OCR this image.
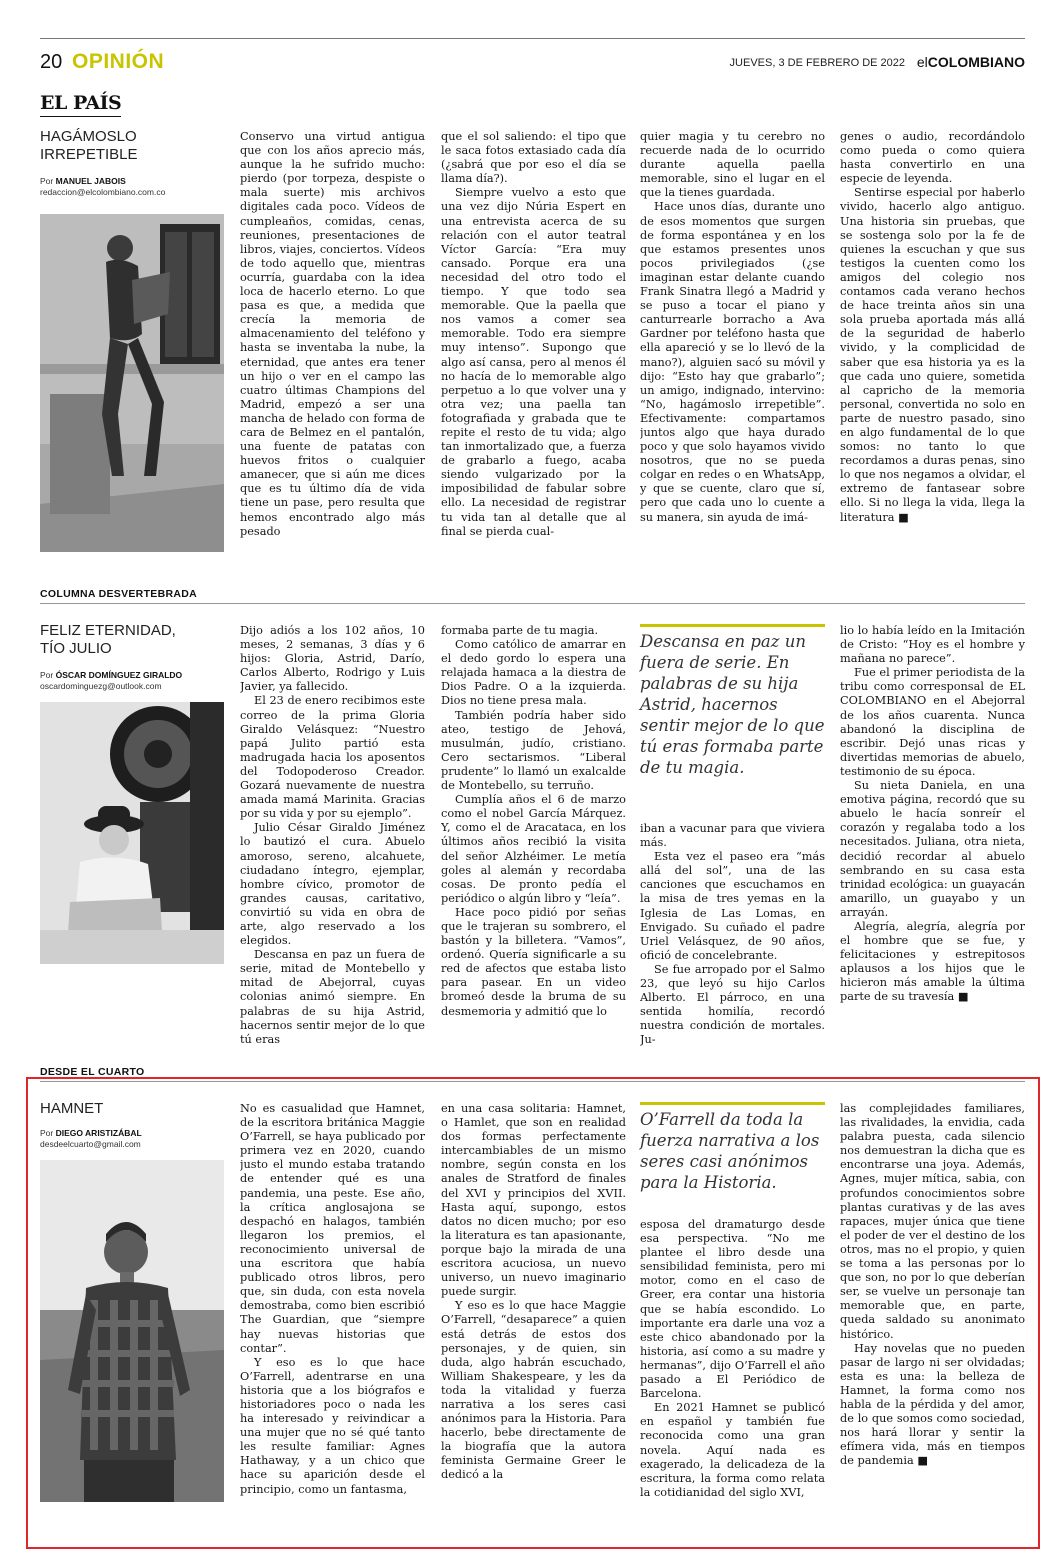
20 OPINIÓN	JUEVES, 3 DE FEBRERO DE 2022 elCOLOMBIANO
EL PAÍS
HAGÁMOSLO
IRREPETIBLE
Por MANUEL JABOIS
redaccion@elcolombiano.com.co

Conservo una virtud antigua que con los años aprecio más, aunque la he sufrido mucho: pierdo (por torpeza, despiste o mala suerte) mis archivos digitales cada poco. Vídeos de cumpleaños, comidas, cenas, reuniones, presentaciones de libros, viajes, conciertos. Vídeos de todo aquello que, mientras ocurría, guardaba con la idea loca de hacerlo eterno. Lo que pasa es que, a medida que crecía la memoria de almacenamiento del teléfono y hasta se inventaba la nube, la eternidad, que antes era tener un hijo o ver en el campo las cuatro últimas Champions del Madrid, empezó a ser una mancha de helado con forma de cara de Belmez en el pantalón, una fuente de patatas con huevos fritos o cualquier amanecer, que si aún me dices que es tu último día de vida tiene un pase, pero resulta que hemos encontrado algo más pesado

que el sol saliendo: el tipo que le saca fotos extasiado cada día (¿sabrá que por eso el día se llama día?).

Siempre vuelvo a esto que una vez dijo Núria Espert en una entrevista acerca de su relación con el autor teatral Víctor García: “Era muy cansado. Porque era una necesidad del otro todo el tiempo. Y que todo sea memorable. Que la paella que nos vamos a comer sea memorable. Todo era siempre muy intenso”. Supongo que algo así cansa, pero al menos él no hacía de lo memorable algo perpetuo a lo que volver una y otra vez; una paella tan fotografiada y grabada que te repite el resto de tu vida; algo tan inmortalizado que, a fuerza de grabarlo a fuego, acaba siendo vulgarizado por la imposibilidad de fabular sobre ello. La necesidad de registrar tu vida tan al detalle que al final se pierda cual-

quier magia y tu cerebro no recuerde nada de lo ocurrido durante aquella paella memorable, sino el lugar en el que la tienes guardada.

Hace unos días, durante uno de esos momentos que surgen de forma espontánea y en los que estamos presentes unos pocos privilegiados (¿se imaginan estar delante cuando Frank Sinatra llegó a Madrid y se puso a tocar el piano y canturrearle borracho a Ava Gardner por teléfono hasta que ella apareció y se lo llevó de la mano?), alguien sacó su móvil y dijo: “Esto hay que grabarlo”; un amigo, indignado, intervino: “No, hagámoslo irrepetible”. Efectivamente: compartamos juntos algo que haya durado poco y que solo hayamos vivido nosotros, que no se pueda colgar en redes o en WhatsApp, y que se cuente, claro que sí, pero que cada uno lo cuente a su manera, sin ayuda de imá-

genes o audio, recordándolo como pueda o como quiera hasta convertirlo en una especie de leyenda.

Sentirse especial por haberlo vivido, hacerlo algo antiguo. Una historia sin pruebas, que se sostenga solo por la fe de quienes la escuchan y que sus testigos la cuenten como los amigos del colegio nos contamos cada verano hechos de hace treinta años sin una sola prueba aportada más allá de la seguridad de haberlo vivido, y la complicidad de saber que esa historia ya es la que cada uno quiere, sometida al capricho de la memoria personal, convertida no solo en parte de nuestro pasado, sino en algo fundamental de lo que somos: no tanto lo que recordamos a duras penas, sino lo que nos negamos a olvidar, el extremo de fantasear sobre ello. Si no llega la vida, llega la literatura ■

COLUMNA DESVERTEBRADA
FELIZ ETERNIDAD,
TÍO JULIO
Por ÓSCAR DOMÍNGUEZ GIRALDO
oscardominguezg@outlook.com

Dijo adiós a los 102 años, 10 meses, 2 semanas, 3 días y 6 hijos: Gloria, Astrid, Darío, Carlos Alberto, Rodrigo y Luis Javier, ya fallecido.

El 23 de enero recibimos este correo de la prima Gloria Giraldo Velásquez: “Nuestro papá Julito partió esta madrugada hacia los aposentos del Todopoderoso Creador. Gozará nuevamente de nuestra amada mamá Marinita. Gracias por su vida y por su ejemplo”.

Julio César Giraldo Jiménez lo bautizó el cura. Abuelo amoroso, sereno, alcahuete, ciudadano íntegro, ejemplar, hombre cívico, promotor de grandes causas, caritativo, convirtió su vida en obra de arte, algo reservado a los elegidos.

Descansa en paz un fuera de serie, mitad de Montebello y mitad de Abejorral, cuyas colonias animó siempre. En palabras de su hija Astrid, hacernos sentir mejor de lo que tú eras

formaba parte de tu magia.

Como católico de amarrar en el dedo gordo lo espera una relajada hamaca a la diestra de Dios Padre. O a la izquierda. Dios no tiene presa mala.

También podría haber sido ateo, testigo de Jehová, musulmán, judío, cristiano. Cero sectarismos. “Liberal prudente” lo llamó un exalcalde de Montebello, su terruño.

Cumplía años el 6 de marzo como el nobel García Márquez. Y, como el de Aracataca, en los últimos años recibió la visita del señor Alzhéimer. Le metía goles al alemán y recordaba cosas. De pronto pedía el periódico o algún libro y “leía”.

Hace poco pidió por señas que le trajeran su sombrero, el bastón y la billetera. “Vamos”, ordenó. Quería significarle a su red de afectos que estaba listo para pasear. En un video bromeó desde la bruma de su desmemoria y admitió que lo

Descansa en paz un fuera de serie. En palabras de su hija Astrid, hacernos sentir mejor de lo que tú eras formaba parte de tu magia.

iban a vacunar para que viviera más.

Esta vez el paseo era “más allá del sol”, una de las canciones que escuchamos en la misa de tres yemas en la Iglesia de Las Lomas, en Envigado. Su cuñado el padre Uriel Velásquez, de 90 años, ofició de concelebrante.

Se fue arropado por el Salmo 23, que leyó su hijo Carlos Alberto. El párroco, en una sentida homilía, recordó nuestra condición de mortales. Ju-

lio lo había leído en la Imitación de Cristo: “Hoy es el hombre y mañana no parece”.

Fue el primer periodista de la tribu como corresponsal de EL COLOMBIANO en el Abejorral de los años cuarenta. Nunca abandonó la disciplina de escribir. Dejó unas ricas y divertidas memorias de abuelo, testimonio de su época.

Su nieta Daniela, en una emotiva página, recordó que su abuelo le hacía sonreír el corazón y regalaba todo a los necesitados. Juliana, otra nieta, decidió recordar al abuelo sembrando en su casa esta trinidad ecológica: un guayacán amarillo, un guayabo y un arrayán.

Alegría, alegría, alegría por el hombre que se fue, y felicitaciones y estrepitosos aplausos a los hijos que le hicieron más amable la última parte de su travesía ■

DESDE EL CUARTO
HAMNET
Por DIEGO ARISTIZÁBAL
desdeelcuarto@gmail.com

No es casualidad que Hamnet, de la escritora británica Maggie O’Farrell, se haya publicado por primera vez en 2020, cuando justo el mundo estaba tratando de entender qué es una pandemia, una peste. Ese año, la crítica anglosajona se despachó en halagos, también llegaron los premios, el reconocimiento universal de una escritora que había publicado otros libros, pero que, sin duda, con esta novela demostraba, como bien escribió The Guardian, que “siempre hay nuevas historias que contar”.

Y eso es lo que hace O’Farrell, adentrarse en una historia que a los biógrafos e historiadores poco o nada les ha interesado y reivindicar a una mujer que no sé qué tanto les resulte familiar: Agnes Hathaway, y a un chico que hace su aparición desde el principio, como un fantasma,

en una casa solitaria: Hamnet, o Hamlet, que son en realidad dos formas perfectamente intercambiables de un mismo nombre, según consta en los anales de Stratford de finales del XVI y principios del XVII. Hasta aquí, supongo, estos datos no dicen mucho; por eso la literatura es tan apasionante, porque bajo la mirada de una escritora acuciosa, un nuevo universo, un nuevo imaginario puede surgir.

Y eso es lo que hace Maggie O’Farrell, “desaparece” a quien está detrás de estos dos personajes, y de quien, sin duda, algo habrán escuchado, William Shakespeare, y les da toda la vitalidad y fuerza narrativa a los seres casi anónimos para la Historia. Para hacerlo, bebe directamente de la biografía que la autora feminista Germaine Greer le dedicó a la

O’Farrell da toda la fuerza narrativa a los seres casi anónimos para la Historia.

esposa del dramaturgo desde esa perspectiva. “No me plantee el libro desde una sensibilidad feminista, pero mi motor, como en el caso de Greer, era contar una historia que se había escondido. Lo importante era darle una voz a este chico abandonado por la historia, así como a su madre y hermanas”, dijo O’Farrell el año pasado a El Periódico de Barcelona.

En 2021 Hamnet se publicó en español y también fue reconocida como una gran novela. Aquí nada es exagerado, la delicadeza de la escritura, la forma como relata la cotidianidad del siglo XVI,

las complejidades familiares, las rivalidades, la envidia, cada palabra puesta, cada silencio nos demuestran la dicha que es encontrarse una joya. Además, Agnes, mujer mítica, sabia, con profundos conocimientos sobre plantas curativas y de las aves rapaces, mujer única que tiene el poder de ver el destino de los otros, mas no el propio, y quien se toma a las personas por lo que son, no por lo que deberían ser, se vuelve un personaje tan memorable que, en parte, queda saldado su anonimato histórico.

Hay novelas que no pueden pasar de largo ni ser olvidadas; esta es una: la belleza de Hamnet, la forma como nos habla de la pérdida y del amor, de lo que somos como sociedad, nos hará llorar y sentir la efímera vida, más en tiempos de pandemia ■
